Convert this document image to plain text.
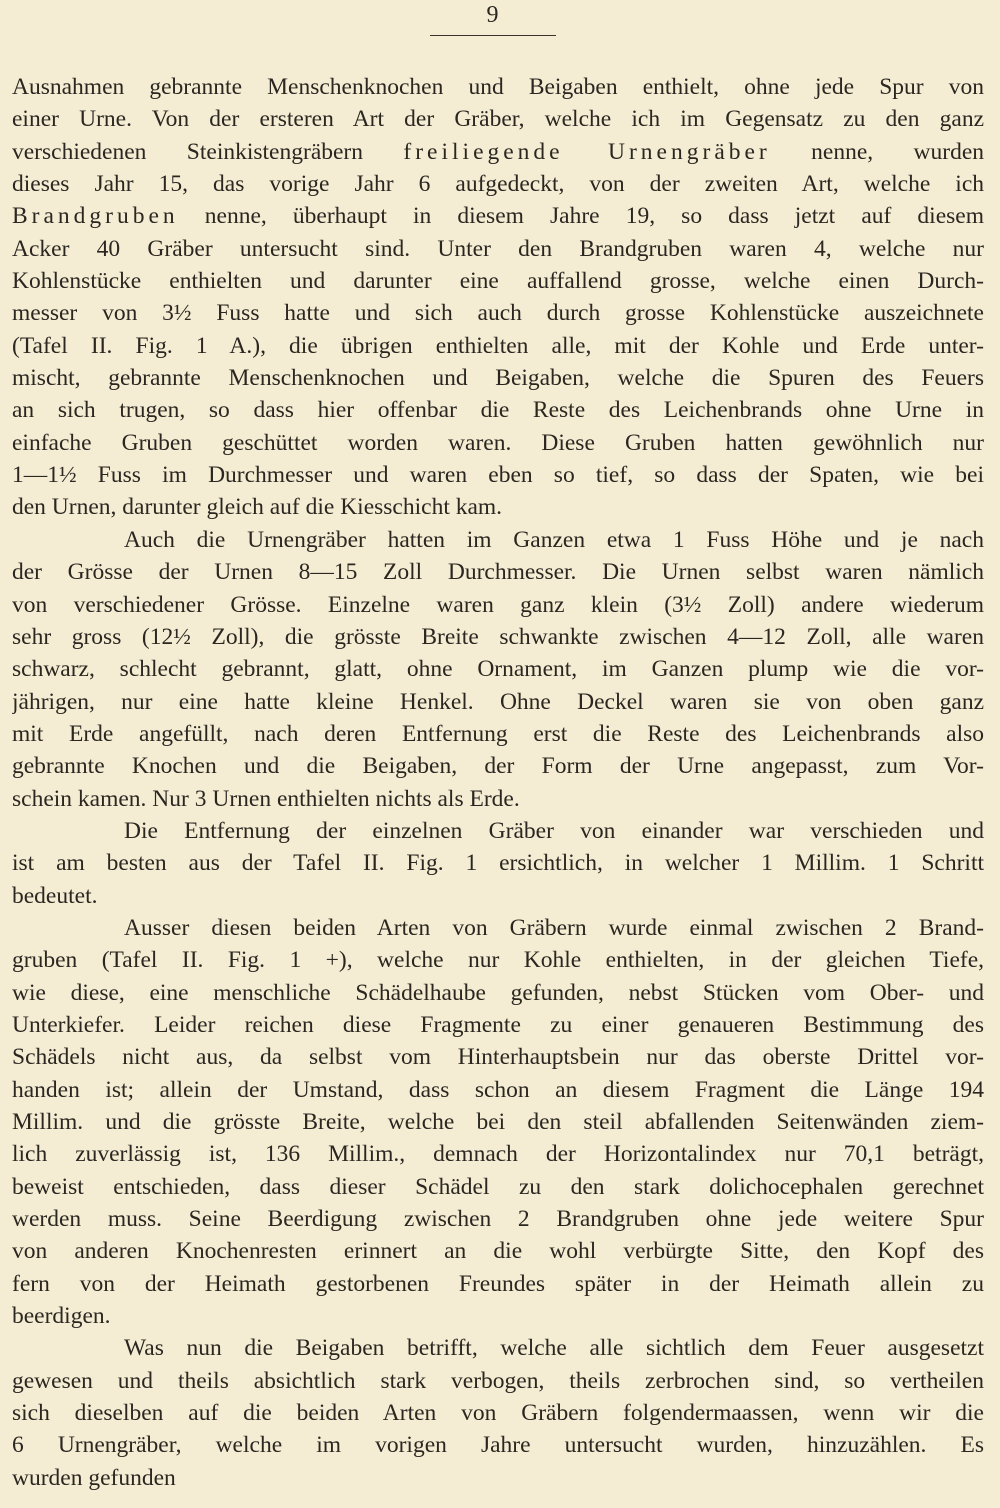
9
Ausnahmen gebrannte Menschenknochen und Beigaben enthielt, ohne jede Spur von
einer Urne. Von der ersteren Art der Gräber, welche ich im Gegensatz zu den ganz
verschiedenen Steinkistengräbern freiliegende Urnengräber nenne, wurden
dieses Jahr 15, das vorige Jahr 6 aufgedeckt, von der zweiten Art, welche ich
Brandgruben nenne, überhaupt in diesem Jahre 19, so dass jetzt auf diesem
Acker 40 Gräber untersucht sind. Unter den Brandgruben waren 4, welche nur
Kohlenstücke enthielten und darunter eine auffallend grosse, welche einen Durch-
messer von 3½ Fuss hatte und sich auch durch grosse Kohlenstücke auszeichnete
(Tafel II. Fig. 1 A.), die übrigen enthielten alle, mit der Kohle und Erde unter-
mischt, gebrannte Menschenknochen und Beigaben, welche die Spuren des Feuers
an sich trugen, so dass hier offenbar die Reste des Leichenbrands ohne Urne in
einfache Gruben geschüttet worden waren. Diese Gruben hatten gewöhnlich nur
1—1½ Fuss im Durchmesser und waren eben so tief, so dass der Spaten, wie bei
den Urnen, darunter gleich auf die Kiesschicht kam.
Auch die Urnengräber hatten im Ganzen etwa 1 Fuss Höhe und je nach
der Grösse der Urnen 8—15 Zoll Durchmesser. Die Urnen selbst waren nämlich
von verschiedener Grösse. Einzelne waren ganz klein (3½ Zoll) andere wiederum
sehr gross (12½ Zoll), die grösste Breite schwankte zwischen 4—12 Zoll, alle waren
schwarz, schlecht gebrannt, glatt, ohne Ornament, im Ganzen plump wie die vor-
jährigen, nur eine hatte kleine Henkel. Ohne Deckel waren sie von oben ganz
mit Erde angefüllt, nach deren Entfernung erst die Reste des Leichenbrands also
gebrannte Knochen und die Beigaben, der Form der Urne angepasst, zum Vor-
schein kamen. Nur 3 Urnen enthielten nichts als Erde.
Die Entfernung der einzelnen Gräber von einander war verschieden und
ist am besten aus der Tafel II. Fig. 1 ersichtlich, in welcher 1 Millim. 1 Schritt
bedeutet.
Ausser diesen beiden Arten von Gräbern wurde einmal zwischen 2 Brand-
gruben (Tafel II. Fig. 1 +), welche nur Kohle enthielten, in der gleichen Tiefe,
wie diese, eine menschliche Schädelhaube gefunden, nebst Stücken vom Ober- und
Unterkiefer. Leider reichen diese Fragmente zu einer genaueren Bestimmung des
Schädels nicht aus, da selbst vom Hinterhauptsbein nur das oberste Drittel vor-
handen ist; allein der Umstand, dass schon an diesem Fragment die Länge 194
Millim. und die grösste Breite, welche bei den steil abfallenden Seitenwänden ziem-
lich zuverlässig ist, 136 Millim., demnach der Horizontalindex nur 70,1 beträgt,
beweist entschieden, dass dieser Schädel zu den stark dolichocephalen gerechnet
werden muss. Seine Beerdigung zwischen 2 Brandgruben ohne jede weitere Spur
von anderen Knochenresten erinnert an die wohl verbürgte Sitte, den Kopf des
fern von der Heimath gestorbenen Freundes später in der Heimath allein zu
beerdigen.
Was nun die Beigaben betrifft, welche alle sichtlich dem Feuer ausgesetzt
gewesen und theils absichtlich stark verbogen, theils zerbrochen sind, so vertheilen
sich dieselben auf die beiden Arten von Gräbern folgendermaassen, wenn wir die
6 Urnengräber, welche im vorigen Jahre untersucht wurden, hinzuzählen. Es
wurden gefunden
